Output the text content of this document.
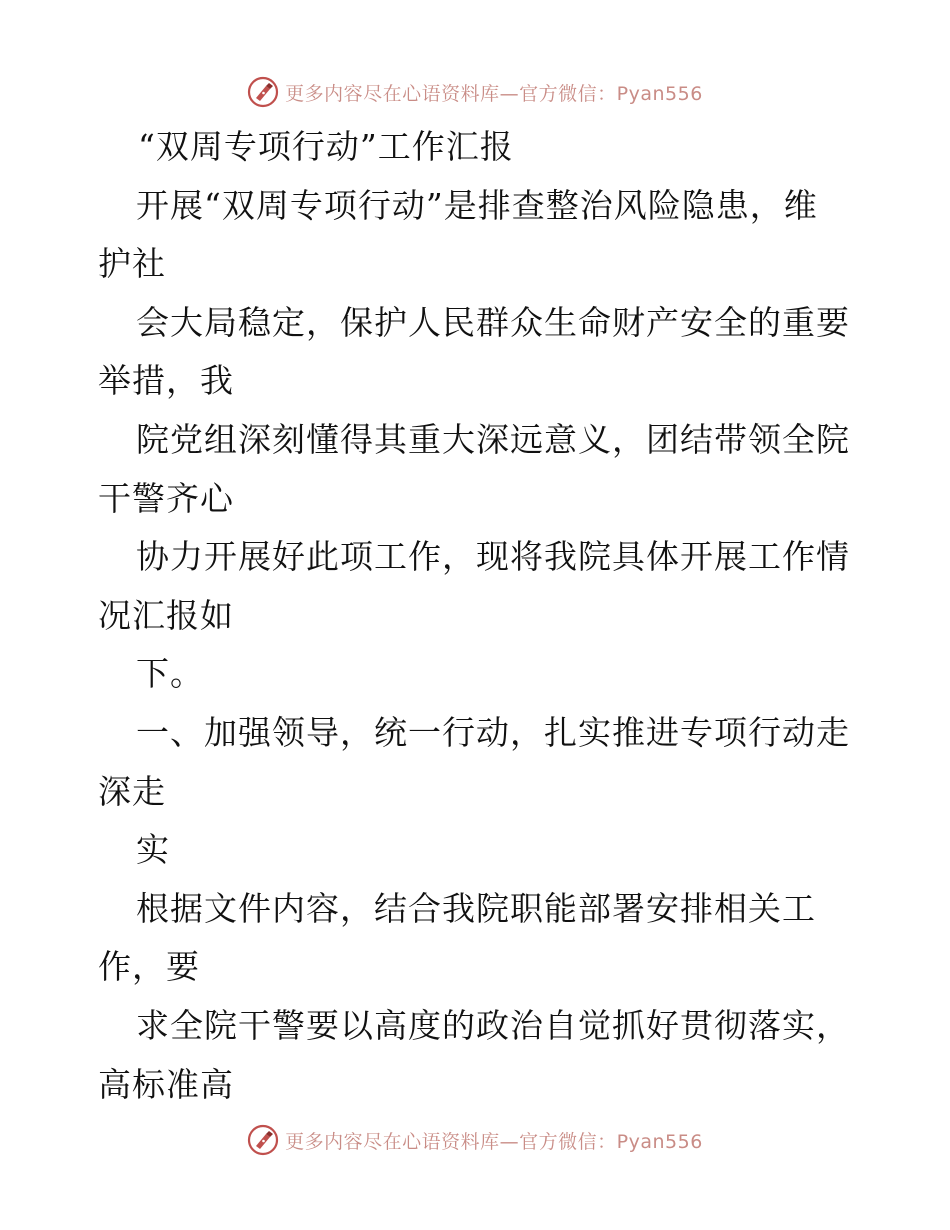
更多内容尽在心语资料库—官方微信：Pyan556
“双周专项行动”工作汇报
开展“双周专项行动”是排查整治风险隐患，维
护社
会大局稳定，保护人民群众生命财产安全的重要
举措，我
院党组深刻懂得其重大深远意义，团结带领全院
干警齐心
协力开展好此项工作，现将我院具体开展工作情
况汇报如
下。
一、加强领导，统一行动，扎实推进专项行动走
深走
实
根据文件内容，结合我院职能部署安排相关工
作，要
求全院干警要以高度的政治自觉抓好贯彻落实，
高标准高
更多内容尽在心语资料库—官方微信：Pyan556
